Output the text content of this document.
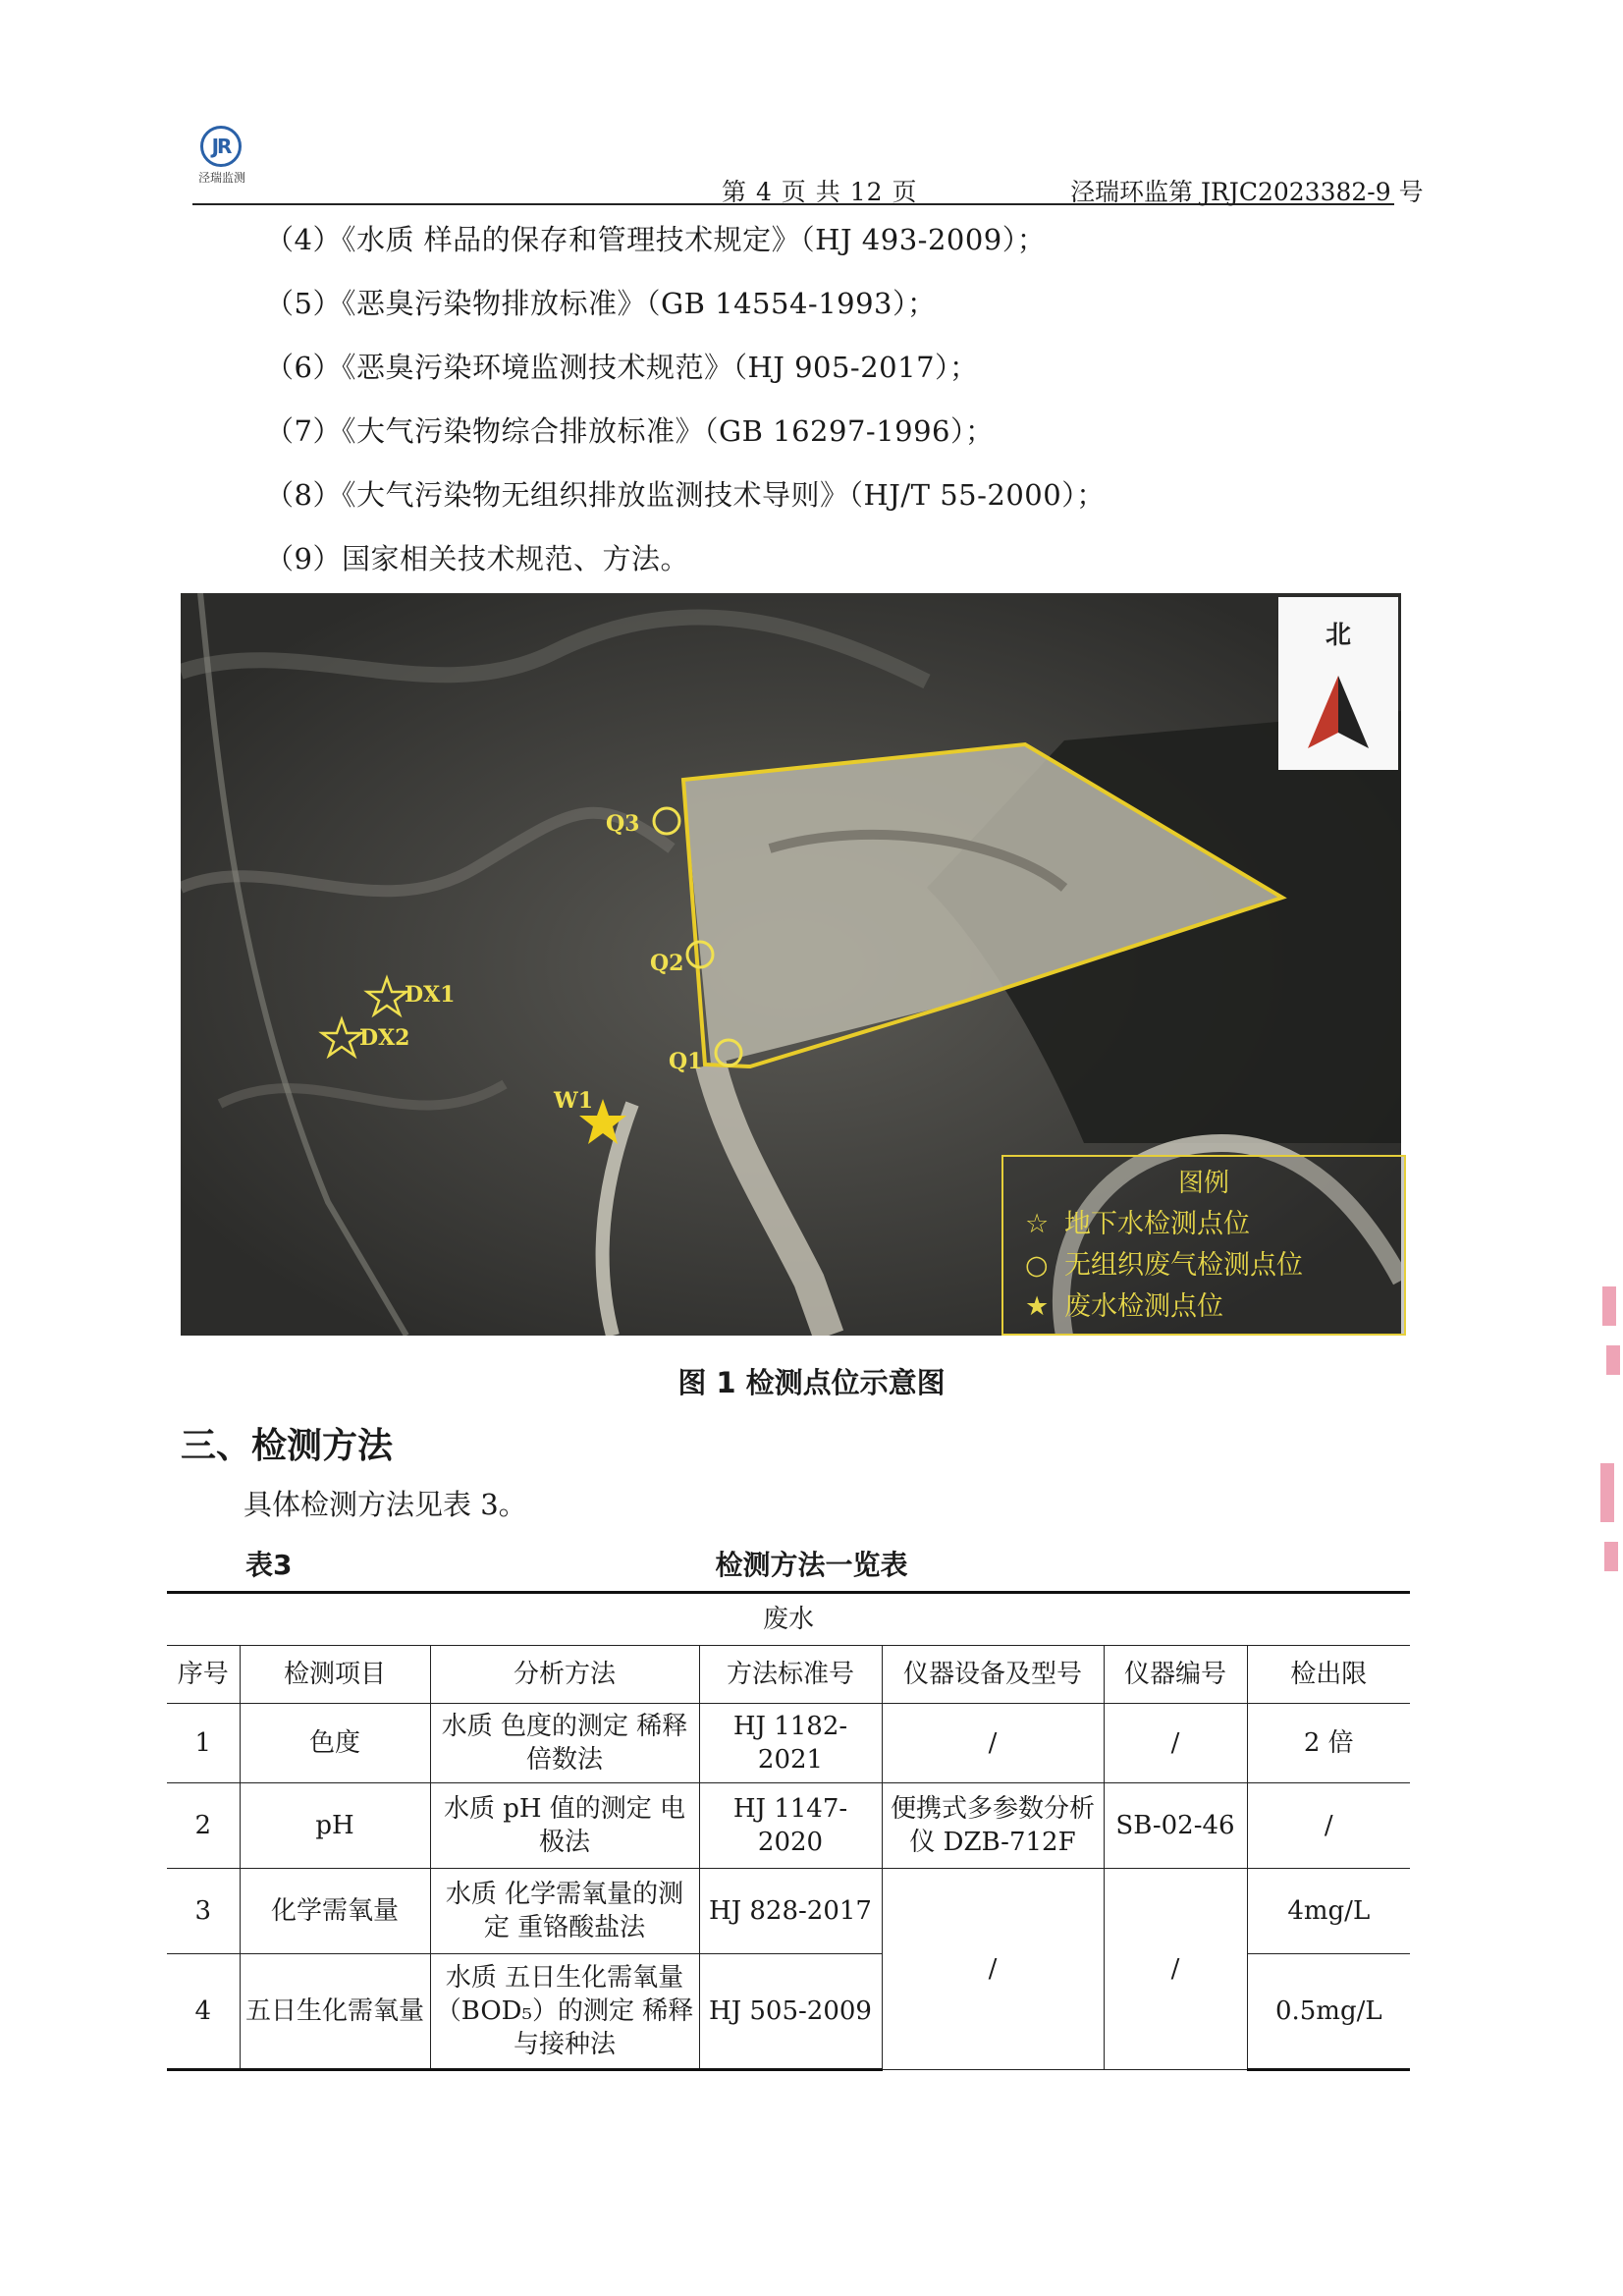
JR
泾瑞监测	第 4 页 共 12 页	泾瑞环监第 JRJC2023382-9 号
（4）《水质 样品的保存和管理技术规定》（HJ 493-2009）；
（5）《恶臭污染物排放标准》（GB 14554-1993）；
（6）《恶臭污染环境监测技术规范》（HJ 905-2017）；
（7）《大气污染物综合排放标准》（GB 16297-1996）；
（8）《大气污染物无组织排放监测技术导则》（HJ/T 55-2000）；
（9）国家相关技术规范、方法。
Q3
Q2
Q1
DX1
DX2
W1
北
图例
☆ 地下水检测点位
○ 无组织废气检测点位
★ 废水检测点位
图 1 检测点位示意图
三、检测方法
具体检测方法见表 3。
表3	检测方法一览表
废水						
序号	检测项目	分析方法	方法标准号	仪器设备及型号	仪器编号	检出限
1	色度	水质 色度的测定 稀释倍数法	HJ 1182-2021	/	/	2 倍
2	pH	水质 pH 值的测定 电极法	HJ 1147-2020	便携式多参数分析仪 DZB-712F	SB-02-46	/
3	化学需氧量	水质 化学需氧量的测定 重铬酸盐法	HJ 828-2017	/	/	4mg/L
4	五日生化需氧量	水质 五日生化需氧量（BOD₅）的测定 稀释与接种法	HJ 505-2009			0.5mg/L
